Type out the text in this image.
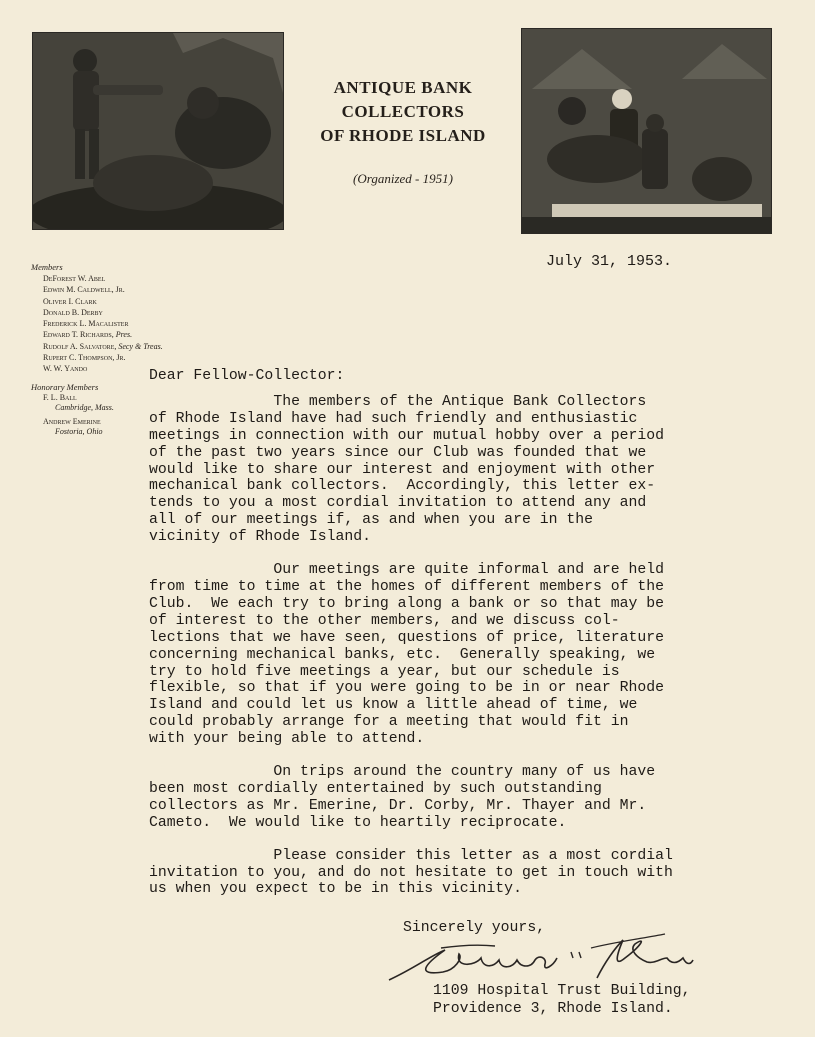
ANTIQUE BANK
COLLECTORS
OF RHODE ISLAND
(Organized - 1951)
July 31, 1953.
Members
DeForest W. Abel
Edwin M. Caldwell, Jr.
Oliver I. Clark
Donald B. Derby
Frederick L. Macalister
Edward T. Richards, Pres.
Rudolf A. Salvatore, Secy & Treas.
Rupert C. Thompson, Jr.
W. W. Yando
Honorary Members
F. L. Ball
Cambridge, Mass.
Andrew Emerine
Fostoria, Ohio
Dear Fellow-Collector:
The members of the Antique Bank Collectors
of Rhode Island have had such friendly and enthusiastic
meetings in connection with our mutual hobby over a period
of the past two years since our Club was founded that we
would like to share our interest and enjoyment with other
mechanical bank collectors.  Accordingly, this letter ex-
tends to you a most cordial invitation to attend any and
all of our meetings if, as and when you are in the
vicinity of Rhode Island.
Our meetings are quite informal and are held
from time to time at the homes of different members of the
Club.  We each try to bring along a bank or so that may be
of interest to the other members, and we discuss col-
lections that we have seen, questions of price, literature
concerning mechanical banks, etc.  Generally speaking, we
try to hold five meetings a year, but our schedule is
flexible, so that if you were going to be in or near Rhode
Island and could let us know a little ahead of time, we
could probably arrange for a meeting that would fit in
with your being able to attend.
On trips around the country many of us have
been most cordially entertained by such outstanding
collectors as Mr. Emerine, Dr. Corby, Mr. Thayer and Mr.
Cameto.  We would like to heartily reciprocate.
Please consider this letter as a most cordial
invitation to you, and do not hesitate to get in touch with
us when you expect to be in this vicinity.
Sincerely yours,
1109 Hospital Trust Building,
Providence 3, Rhode Island.
